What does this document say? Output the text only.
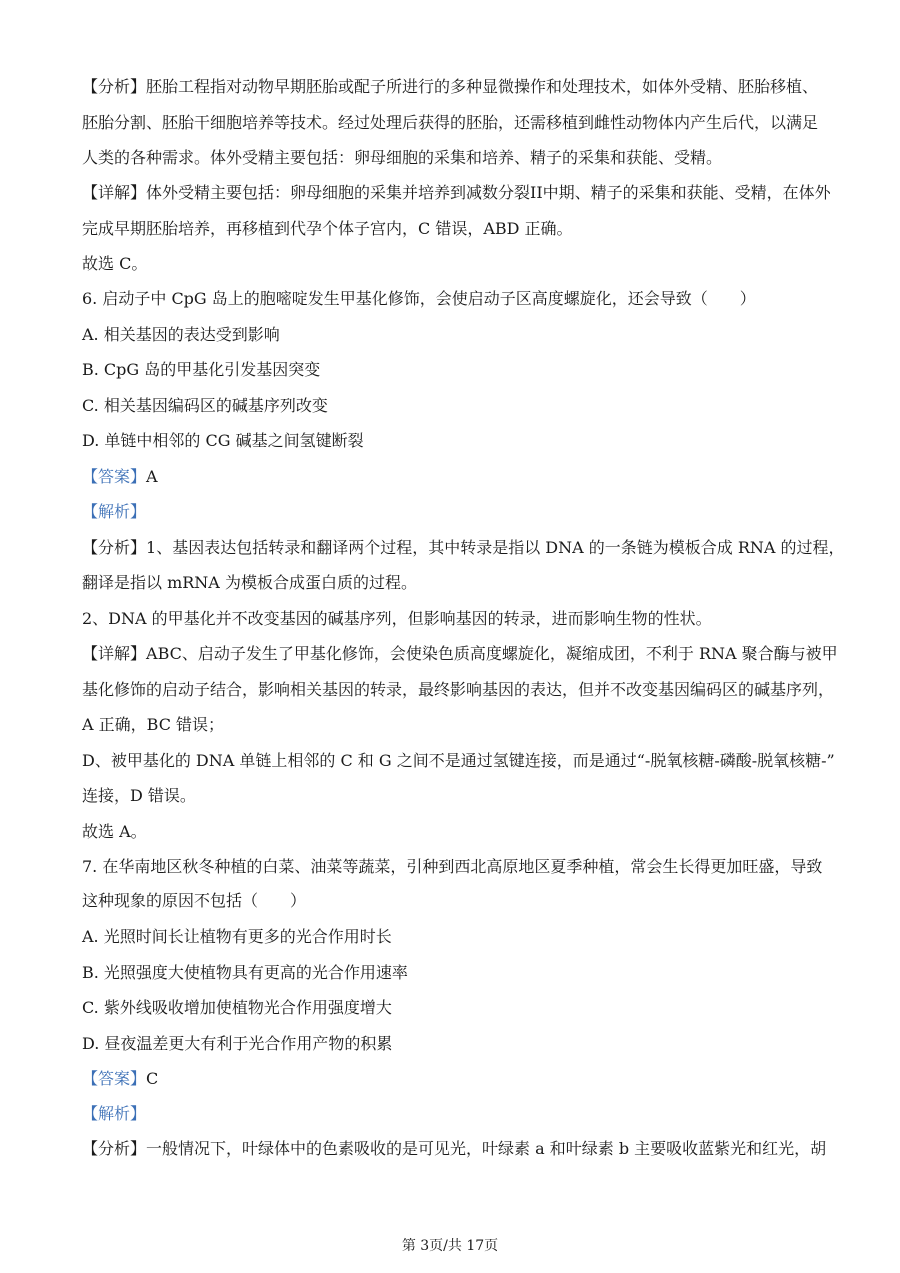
【分析】胚胎工程指对动物早期胚胎或配子所进行的多种显微操作和处理技术，如体外受精、胚胎移植、
胚胎分割、胚胎干细胞培养等技术。经过处理后获得的胚胎，还需移植到雌性动物体内产生后代，以满足
人类的各种需求。体外受精主要包括：卵母细胞的采集和培养、精子的采集和获能、受精。
【详解】体外受精主要包括：卵母细胞的采集并培养到减数分裂II中期、精子的采集和获能、受精，在体外
完成早期胚胎培养，再移植到代孕个体子宫内，C 错误，ABD 正确。
故选 C。
6. 启动子中 CpG 岛上的胞嘧啶发生甲基化修饰，会使启动子区高度螺旋化，还会导致（　　）
A. 相关基因的表达受到影响
B. CpG 岛的甲基化引发基因突变
C. 相关基因编码区的碱基序列改变
D. 单链中相邻的 CG 碱基之间氢键断裂
【答案】A
【解析】
【分析】1、基因表达包括转录和翻译两个过程，其中转录是指以 DNA 的一条链为模板合成 RNA 的过程，
翻译是指以 mRNA 为模板合成蛋白质的过程。
2、DNA 的甲基化并不改变基因的碱基序列，但影响基因的转录，进而影响生物的性状。
【详解】ABC、启动子发生了甲基化修饰，会使染色质高度螺旋化，凝缩成团，不利于 RNA 聚合酶与被甲
基化修饰的启动子结合，影响相关基因的转录，最终影响基因的表达，但并不改变基因编码区的碱基序列，
A 正确，BC 错误；
D、被甲基化的 DNA 单链上相邻的 C 和 G 之间不是通过氢键连接，而是通过“-脱氧核糖-磷酸-脱氧核糖-”
连接，D 错误。
故选 A。
7. 在华南地区秋冬种植的白菜、油菜等蔬菜，引种到西北高原地区夏季种植，常会生长得更加旺盛，导致
这种现象的原因不包括（　　）
A. 光照时间长让植物有更多的光合作用时长
B. 光照强度大使植物具有更高的光合作用速率
C. 紫外线吸收增加使植物光合作用强度增大
D. 昼夜温差更大有利于光合作用产物的积累
【答案】C
【解析】
【分析】一般情况下，叶绿体中的色素吸收的是可见光，叶绿素 a 和叶绿素 b 主要吸收蓝紫光和红光，胡
第 3页/共 17页
